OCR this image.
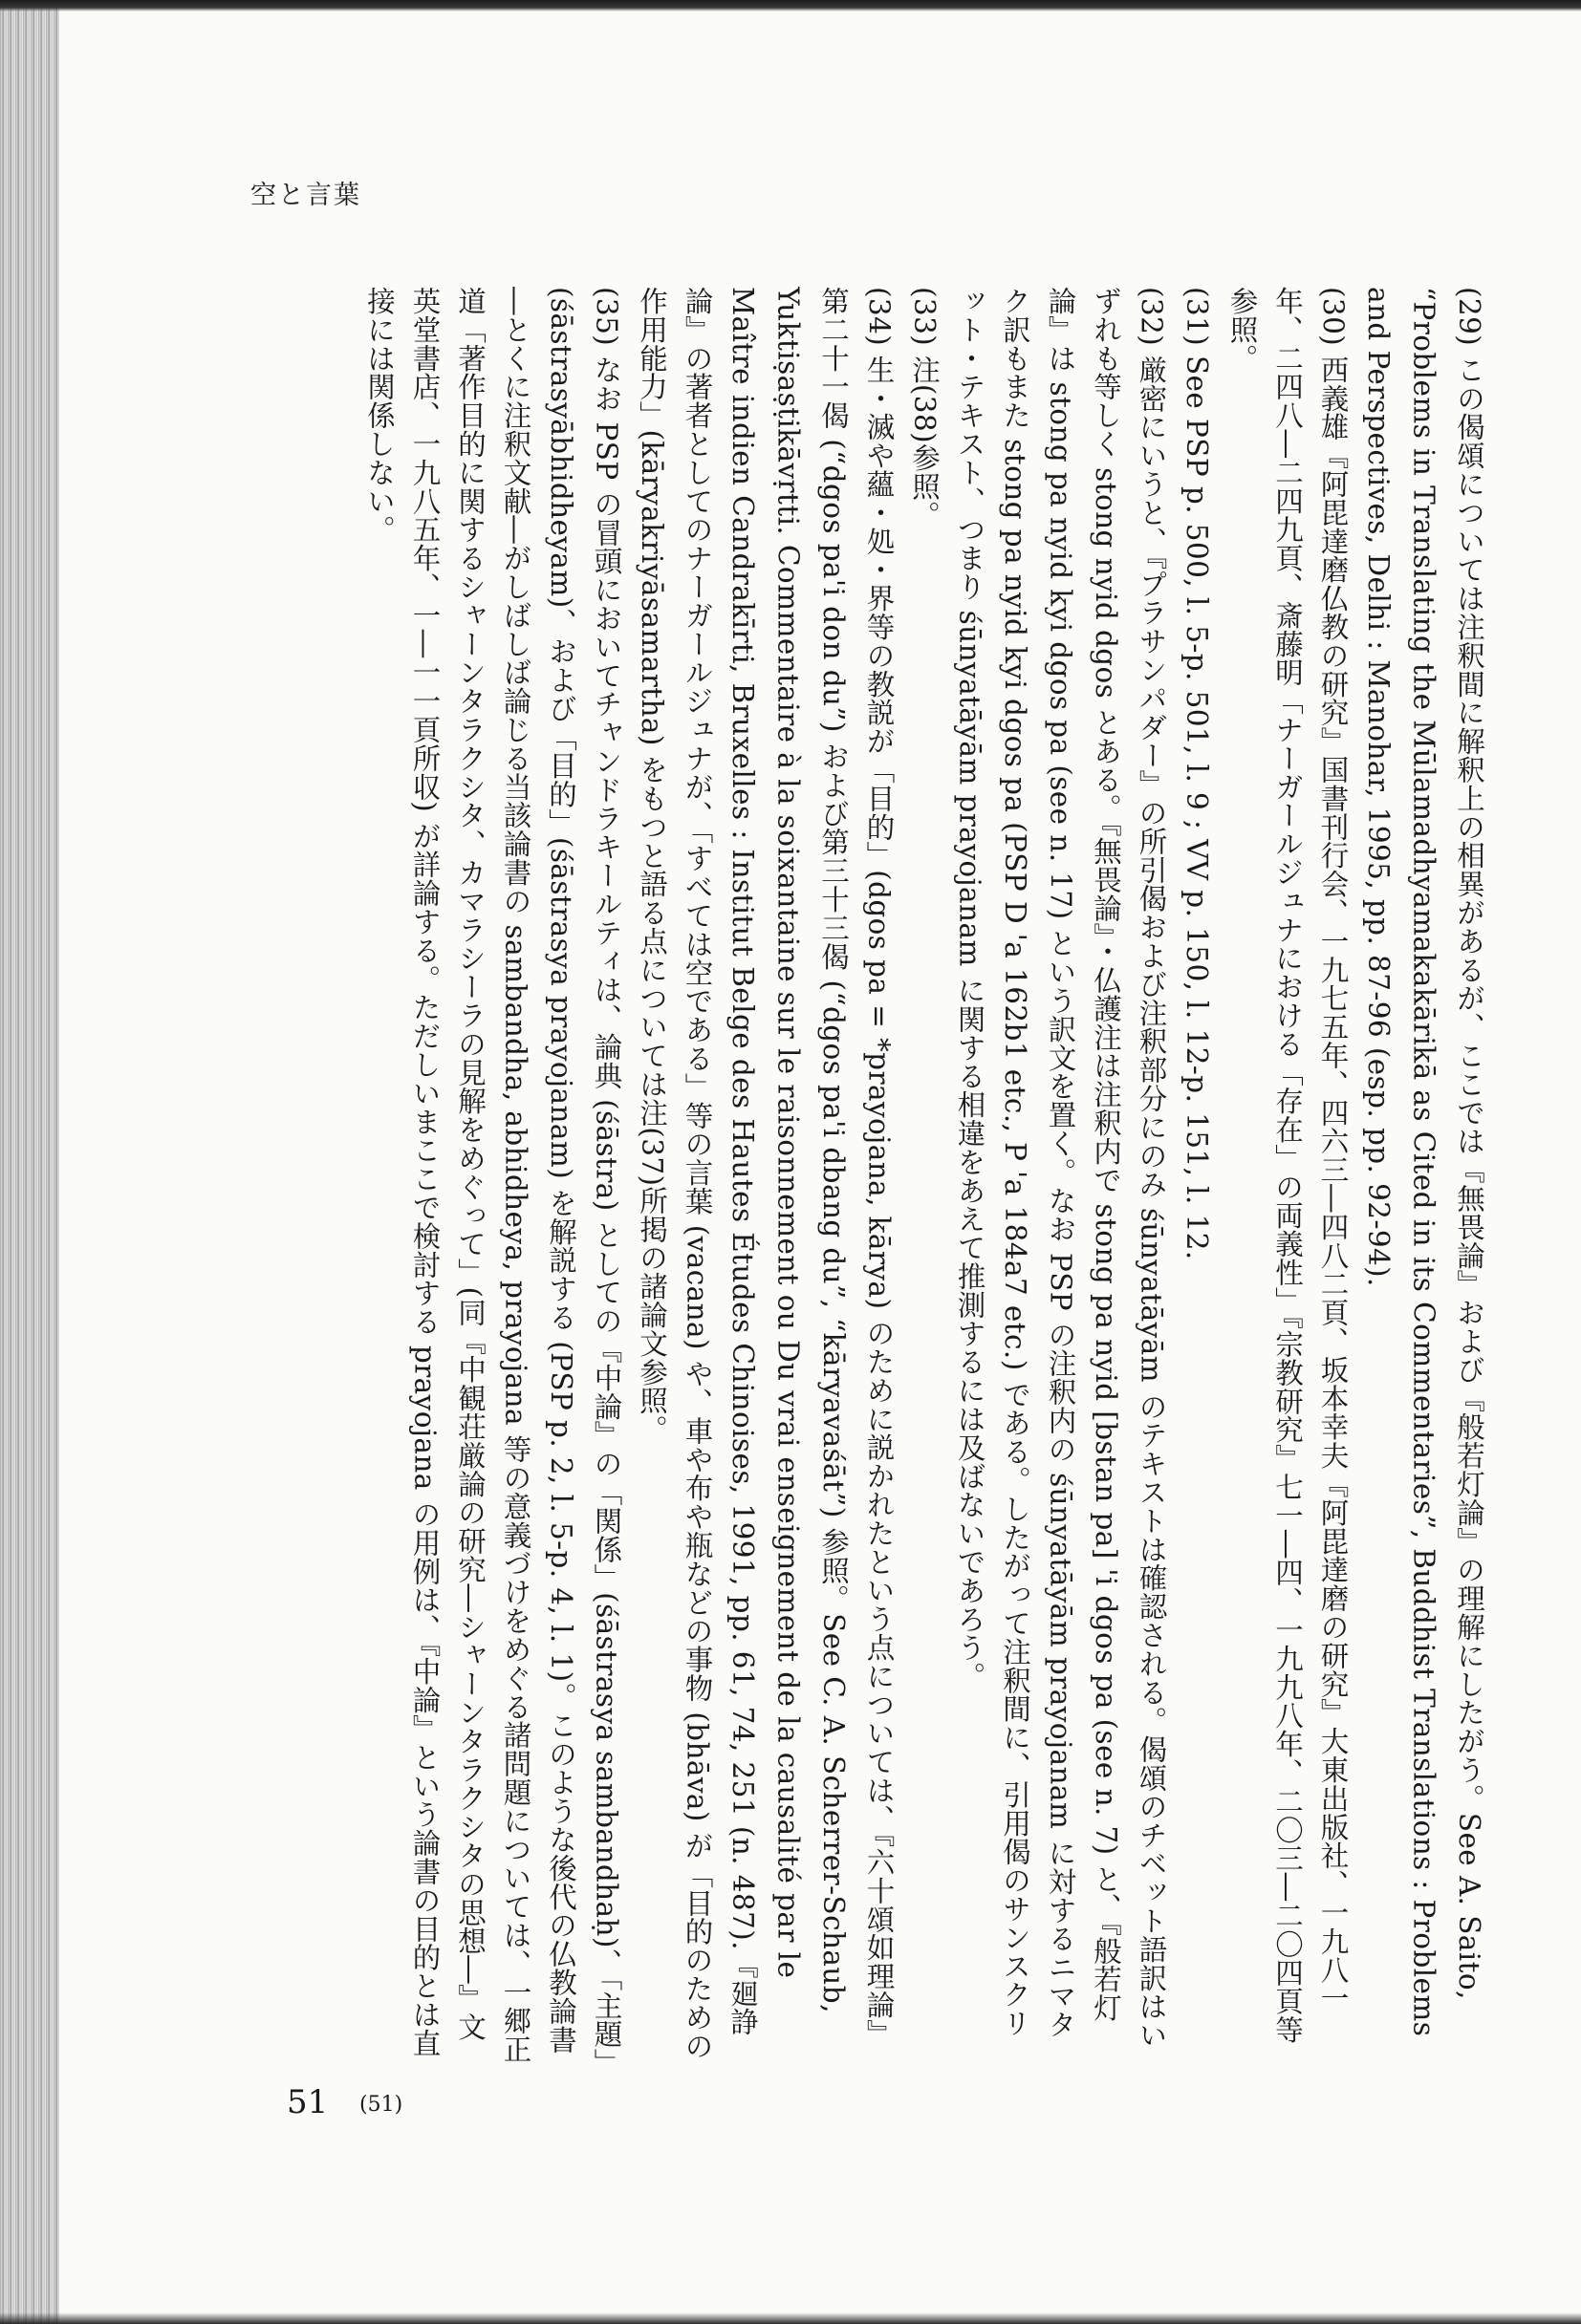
空と言葉

(29) この偈頌については注釈間に解釈上の相異があるが、ここでは『無畏論』および『般若灯論』の理解にしたがう。See A. Saito, “Problems in Translating the Mūlamadhyamakakārikā as Cited in its Commentaries”, Buddhist Translations : Problems and Perspectives, Delhi : Manohar, 1995, pp. 87-96 (esp. pp. 92-94).

(30) 西義雄『阿毘達磨仏教の研究』国書刊行会、一九七五年、四六三―四八二頁、坂本幸夫『阿毘達磨の研究』大東出版社、一九八一年、二四八―二四九頁、斎藤明「ナーガールジュナにおける「存在」の両義性」『宗教研究』七一―四、一九九八年、二〇三―二〇四頁等参照。

(31) See PSP p. 500, l. 5-p. 501, l. 9 ; VV p. 150, l. 12-p. 151, l. 12.

(32) 厳密にいうと、『プラサンパダー』の所引偈および注釈部分にのみ śūnyatāyām のテキストは確認される。偈頌のチベット語訳はいずれも等しく stong nyid dgos とある。『無畏論』・仏護注は注釈内で stong pa nyid [bstan pa] 'i dgos pa (see n. 7) と、『般若灯論』は stong pa nyid kyi dgos pa (see n. 17) という訳文を置く。なお PSP の注釈内の śūnyatāyām prayojanam に対するニマタク訳もまた stong pa nyid kyi dgos pa (PSP D 'a 162b1 etc., P 'a 184a7 etc.) である。したがって注釈間に、引用偈のサンスクリット・テキスト、つまり śūnyatāyām prayojanam に関する相違をあえて推測するには及ばないであろう。

(33) 注(38)参照。

(34) 生・滅や蘊・処・界等の教説が「目的」(dgos pa = *prayojana, kārya) のために説かれたという点については、『六十頌如理論』第二十一偈 (“dgos pa'i don du”) および第三十三偈 (“dgos pa'i dbang du”, “kāryavaśāt”) 参照。See C. A. Scherrer-Schaub, Yuktiṣaṣṭikāvṛtti. Commentaire à la soixantaine sur le raisonnement ou Du vrai enseignement de la causalité par le Maître indien Candrakīrti, Bruxelles : Institut Belge des Hautes Études Chinoises, 1991, pp. 61, 74, 251 (n. 487).『廻諍論』の著者としてのナーガールジュナが、「すべては空である」等の言葉 (vacana) や、車や布や瓶などの事物 (bhāva) が「目的のための作用能力」(kāryakriyāsamartha) をもつと語る点については注(37)所掲の諸論文参照。

(35) なお PSP の冒頭においてチャンドラキールティは、論典 (śāstra) としての『中論』の「関係」(śāstrasya sambandhaḥ)、「主題」(śāstrasyābhidheyam)、および「目的」(śāstrasya prayojanam) を解説する (PSP p. 2, l. 5-p. 4, l. 1)。このような後代の仏教論書―とくに注釈文献―がしばしば論じる当該論書の sambandha, abhidheya, prayojana 等の意義づけをめぐる諸問題については、一郷正道「著作目的に関するシャーンタラクシタ、カマラシーラの見解をめぐって」(同『中観荘厳論の研究―シャーンタラクシタの思想―』文英堂書店、一九八五年、一―一一頁所収) が詳論する。ただしいまここで検討する prayojana の用例は、『中論』という論書の目的とは直接には関係しない。

51 (51)
